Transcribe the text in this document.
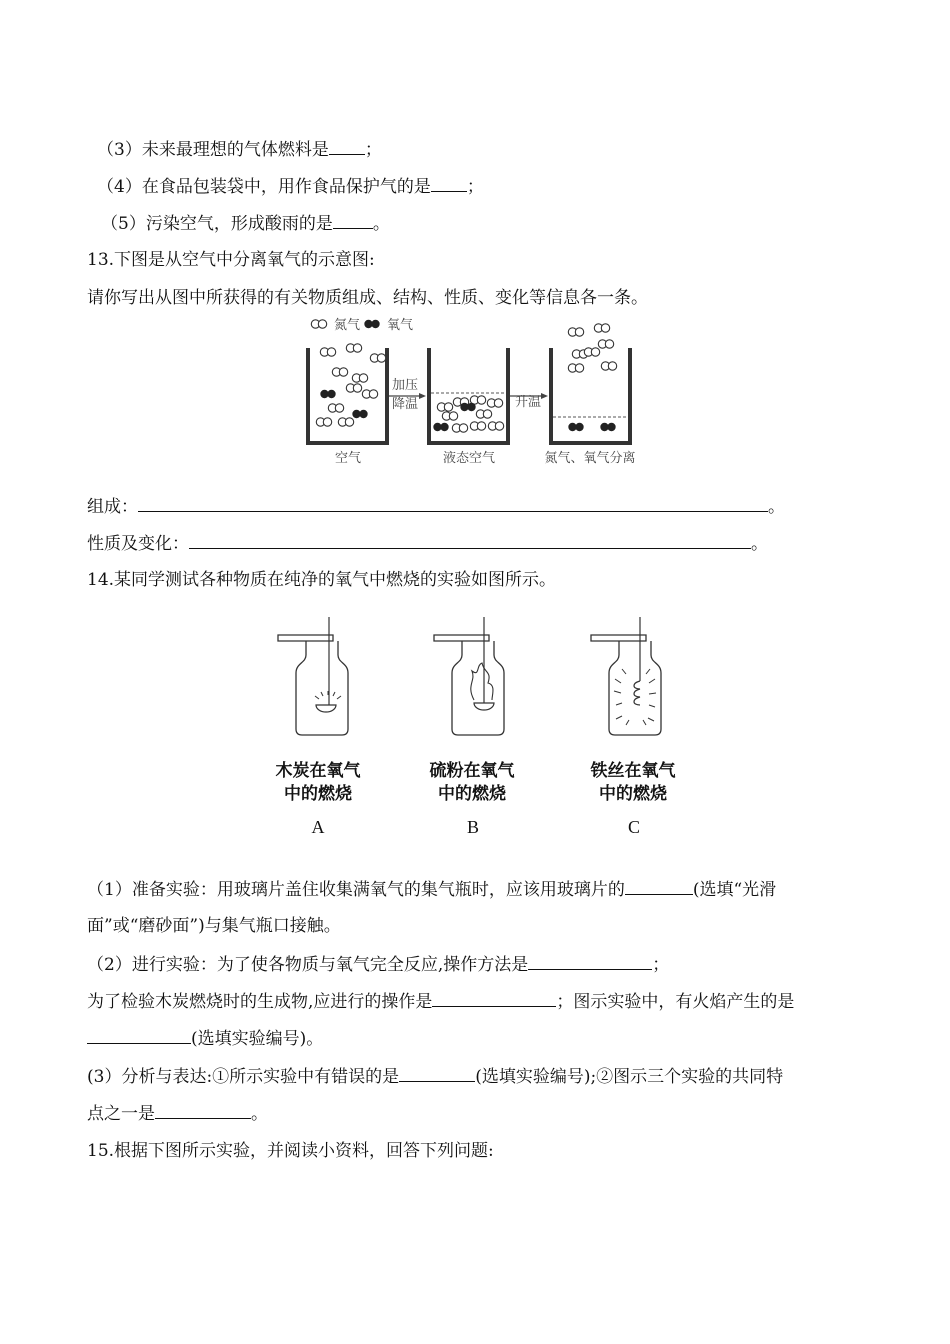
（3）未来最理想的气体燃料是 ；
（4）在食品包装袋中，用作食品保护气的是 ；
（5）污染空气，形成酸雨的是 。
13.下图是从空气中分离氧气的示意图:
请你写出从图中所获得的有关物质组成、结构、性质、变化等信息各一条。
氮气 氧气
加压
降温	升温
空气	液态空气	氮气、氧气分离
组成：	。
性质及变化：	。
14.某同学测试各种物质在纯净的氧气中燃烧的实验如图所示。
木炭在氧气
中的燃烧
硫粉在氧气
中的燃烧
铁丝在氧气
中的燃烧
A	B	C
（1）准备实验：用玻璃片盖住收集满氧气的集气瓶时，应该用玻璃片的	(选填“光滑
面”或“磨砂面”)与集气瓶口接触。
（2）进行实验：为了使各物质与氧气完全反应,操作方法是	；
为了检验木炭燃烧时的生成物,应进行的操作是	；图示实验中，有火焰产生的是
(选填实验编号)。
(3）分析与表达:①所示实验中有错误的是	(选填实验编号);②图示三个实验的共同特
点之一是	。
15.根据下图所示实验，并阅读小资料，回答下列问题:
